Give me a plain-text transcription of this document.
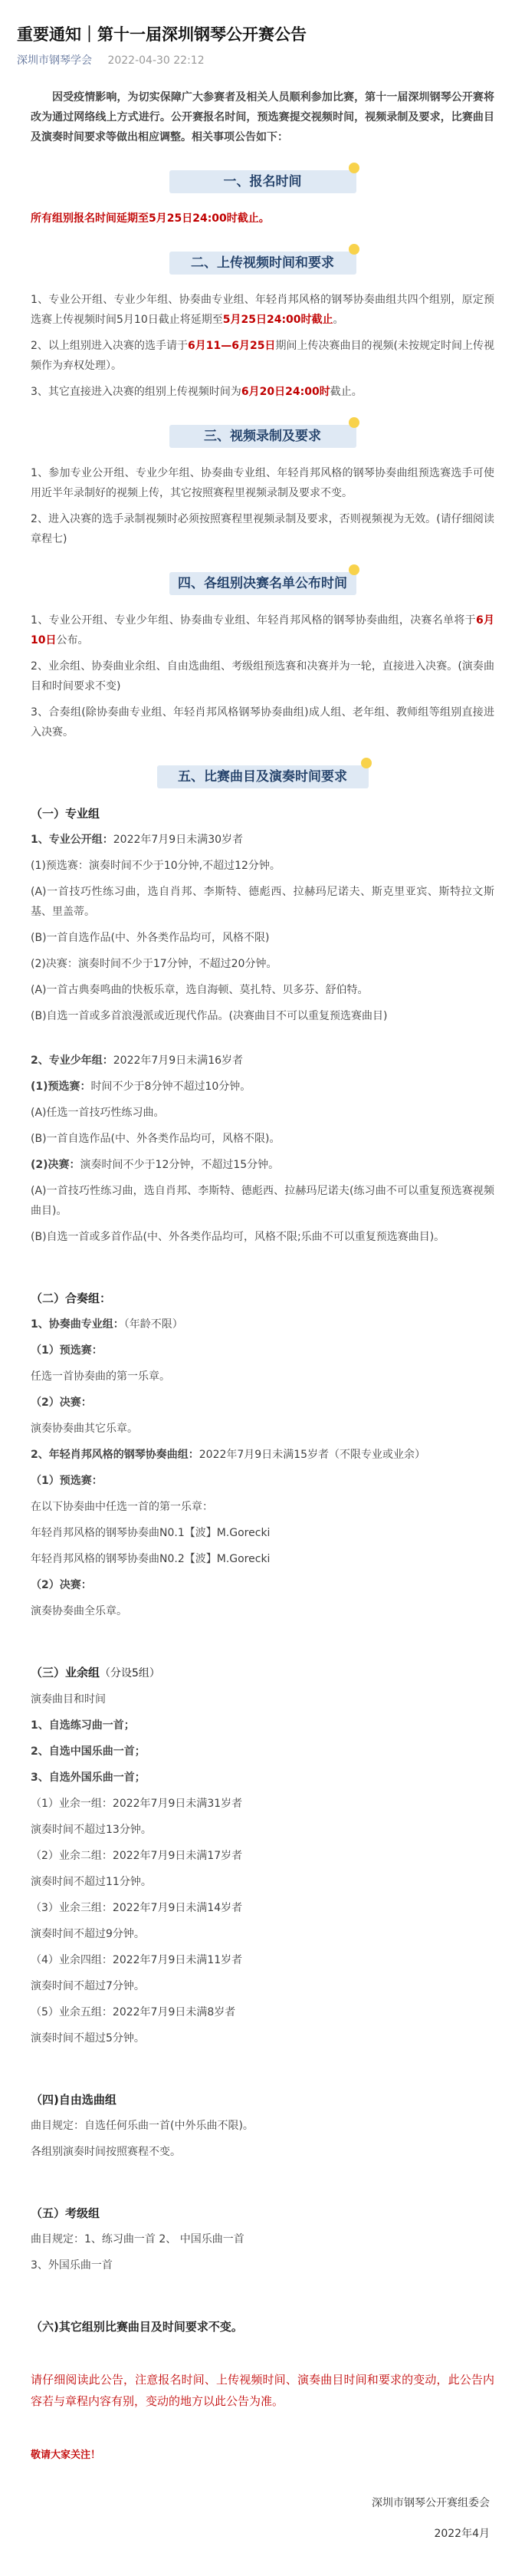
重要通知｜第十一届深圳钢琴公开赛公告
深圳市钢琴学会 2022-04-30 22:12

因受疫情影响，为切实保障广大参赛者及相关人员顺利参加比赛，第十一届深圳钢琴公开赛将改为通过网络线上方式进行。公开赛报名时间，预选赛提交视频时间，视频录制及要求，比赛曲目及演奏时间要求等做出相应调整。相关事项公告如下：

一、报名时间

所有组别报名时间延期至5月25日24:00时截止。

二、上传视频时间和要求

1、专业公开组、专业少年组、协奏曲专业组、年轻肖邦风格的钢琴协奏曲组共四个组别，原定预选赛上传视频时间5月10日截止将延期至5月25日24:00时截止。

2、以上组别进入决赛的选手请于6月11—6月25日期间上传决赛曲目的视频(未按规定时间上传视频作为弃权处理）。

3、其它直接进入决赛的组别上传视频时间为6月20日24:00时截止。

三、视频录制及要求

1、参加专业公开组、专业少年组、协奏曲专业组、年轻肖邦风格的钢琴协奏曲组预选赛选手可使用近半年录制好的视频上传，其它按照赛程里视频录制及要求不变。

2、进入决赛的选手录制视频时必须按照赛程里视频录制及要求，否则视频视为无效。(请仔细阅读章程七)

四、各组别决赛名单公布时间

1、专业公开组、专业少年组、协奏曲专业组、年轻肖邦风格的钢琴协奏曲组，决赛名单将于6月10日公布。

2、业余组、协奏曲业余组、自由选曲组、考级组预选赛和决赛并为一轮，直接进入决赛。(演奏曲目和时间要求不变)

3、合奏组(除协奏曲专业组、年轻肖邦风格钢琴协奏曲组)成人组、老年组、教师组等组别直接进入决赛。

五、比赛曲目及演奏时间要求
（一）专业组

1、专业公开组：2022年7月9日未满30岁者

(1)预选赛：演奏时间不少于10分钟,不超过12分钟。

(A)一首技巧性练习曲，选自肖邦、李斯特、德彪西、拉赫玛尼诺夫、斯克里亚宾、斯特拉文斯基、里盖蒂。

(B)一首自选作品(中、外各类作品均可，风格不限)

(2)决赛：演奏时间不少于17分钟，不超过20分钟。

(A)一首古典奏鸣曲的快板乐章，选自海顿、莫扎特、贝多芬、舒伯特。

(B)自选一首或多首浪漫派或近现代作品。(决赛曲目不可以重复预选赛曲目)

2、专业少年组：2022年7月9日未满16岁者

(1)预选赛：时间不少于8分钟不超过10分钟。

(A)任选一首技巧性练习曲。

(B)一首自选作品(中、外各类作品均可，风格不限)。

(2)决赛：演奏时间不少于12分钟，不超过15分钟。

(A)一首技巧性练习曲，选自肖邦、李斯特、德彪西、拉赫玛尼诺夫(练习曲不可以重复预选赛视频曲目)。

(B)自选一首或多首作品(中、外各类作品均可，风格不限;乐曲不可以重复预选赛曲目)。

（二）合奏组：

1、协奏曲专业组：（年龄不限）

（1）预选赛：

任选一首协奏曲的第一乐章。

（2）决赛：

演奏协奏曲其它乐章。

2、年轻肖邦风格的钢琴协奏曲组：2022年7月9日未满15岁者（不限专业或业余）

（1）预选赛：

在以下协奏曲中任选一首的第一乐章：

年轻肖邦风格的钢琴协奏曲N0.1【波】M.Gorecki

年轻肖邦风格的钢琴协奏曲N0.2【波】M.Gorecki

（2）决赛：

演奏协奏曲全乐章。

（三）业余组（分设5组）

演奏曲目和时间

1、自选练习曲一首；

2、自选中国乐曲一首；

3、自选外国乐曲一首；

（1）业余一组：2022年7月9日未满31岁者

演奏时间不超过13分钟。

（2）业余二组：2022年7月9日未满17岁者

演奏时间不超过11分钟。

（3）业余三组：2022年7月9日未满14岁者

演奏时间不超过9分钟。

（4）业余四组：2022年7月9日未满11岁者

演奏时间不超过7分钟。

（5）业余五组：2022年7月9日未满8岁者

演奏时间不超过5分钟。

（四)自由选曲组

曲目规定：自选任何乐曲一首(中外乐曲不限)。

各组别演奏时间按照赛程不变。

（五）考级组

曲目规定：1、练习曲一首 2、 中国乐曲一首

3、外国乐曲一首

（六)其它组别比赛曲目及时间要求不变。

请仔细阅读此公告，注意报名时间、上传视频时间、演奏曲目时间和要求的变动，此公告内容若与章程内容有别，变动的地方以此公告为准。

敬请大家关注！

深圳市钢琴公开赛组委会
2022年4月
